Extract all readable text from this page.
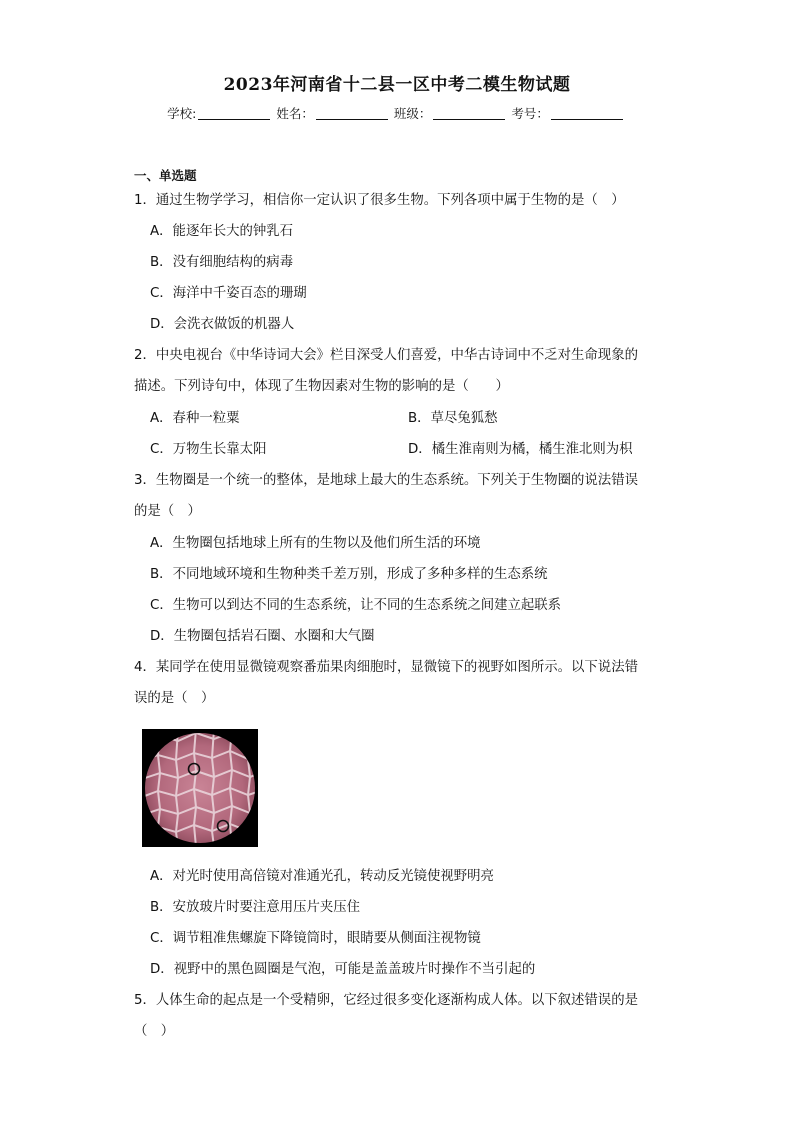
2023年河南省十二县一区中考二模生物试题
学校:	姓名：	班级：	考号：
一、单选题
1．通过生物学学习，相信你一定认识了很多生物。下列各项中属于生物的是（　）
A．能逐年长大的钟乳石
B．没有细胞结构的病毒
C．海洋中千姿百态的珊瑚
D．会洗衣做饭的机器人
2．中央电视台《中华诗词大会》栏目深受人们喜爱，中华古诗词中不乏对生命现象的
描述。下列诗句中，体现了生物因素对生物的影响的是（　　）
A．春种一粒粟	B．草尽兔狐愁
C．万物生长靠太阳	D．橘生淮南则为橘，橘生淮北则为枳
3．生物圈是一个统一的整体，是地球上最大的生态系统。下列关于生物圈的说法错误
的是（　）
A．生物圈包括地球上所有的生物以及他们所生活的环境
B．不同地域环境和生物种类千差万别，形成了多种多样的生态系统
C．生物可以到达不同的生态系统，让不同的生态系统之间建立起联系
D．生物圈包括岩石圈、水圈和大气圈
4．某同学在使用显微镜观察番茄果肉细胞时，显微镜下的视野如图所示。以下说法错
误的是（　）
A．对光时使用高倍镜对准通光孔，转动反光镜使视野明亮
B．安放玻片时要注意用压片夹压住
C．调节粗准焦螺旋下降镜筒时，眼睛要从侧面注视物镜
D．视野中的黑色圆圈是气泡，可能是盖盖玻片时操作不当引起的
5．人体生命的起点是一个受精卵，它经过很多变化逐渐构成人体。以下叙述错误的是
（　）
